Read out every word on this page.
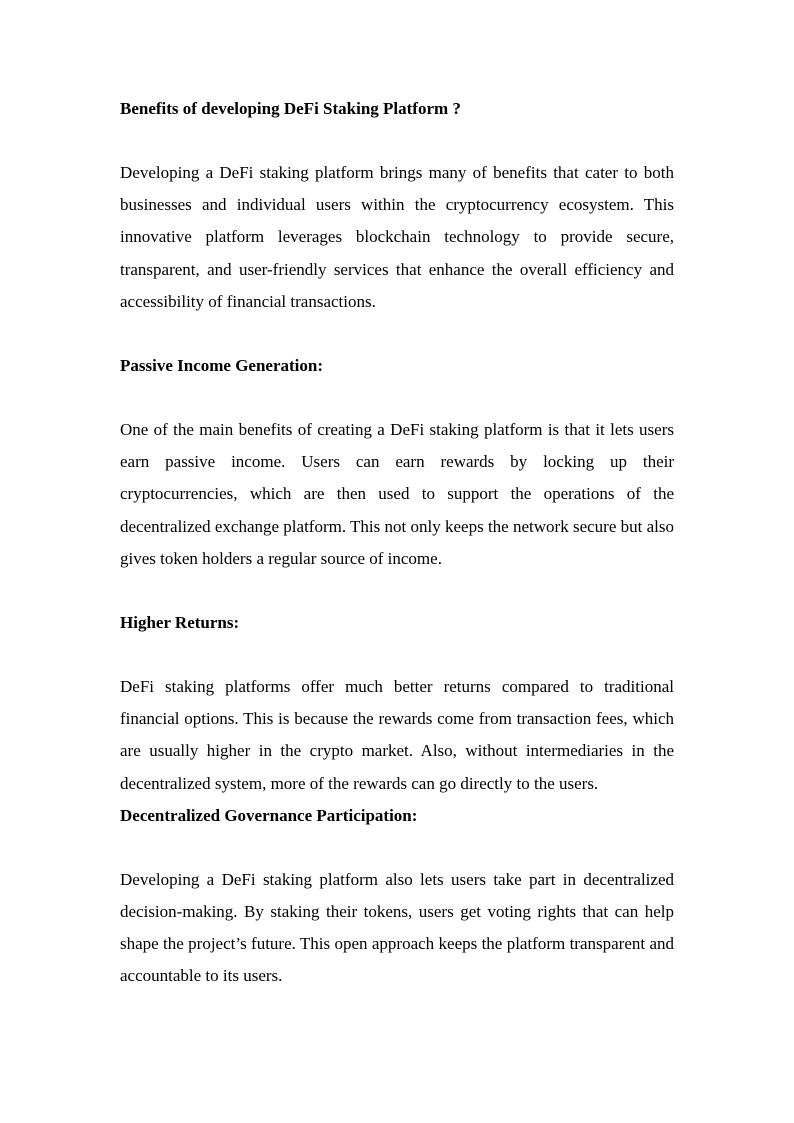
Benefits of developing DeFi Staking Platform ?

Developing a DeFi staking platform brings many of benefits that cater to both businesses and individual users within the cryptocurrency ecosystem. This innovative platform leverages blockchain technology to provide secure, transparent, and user-friendly services that enhance the overall efficiency and accessibility of financial transactions.

Passive Income Generation:

One of the main benefits of creating a DeFi staking platform is that it lets users earn passive income. Users can earn rewards by locking up their cryptocurrencies, which are then used to support the operations of the decentralized exchange platform. This not only keeps the network secure but also gives token holders a regular source of income.

Higher Returns:

DeFi staking platforms offer much better returns compared to traditional financial options. This is because the rewards come from transaction fees, which are usually higher in the crypto market. Also, without intermediaries in the decentralized system, more of the rewards can go directly to the users.

Decentralized Governance Participation:

Developing a DeFi staking platform also lets users take part in decentralized decision-making. By staking their tokens, users get voting rights that can help shape the project’s future. This open approach keeps the platform transparent and accountable to its users.
